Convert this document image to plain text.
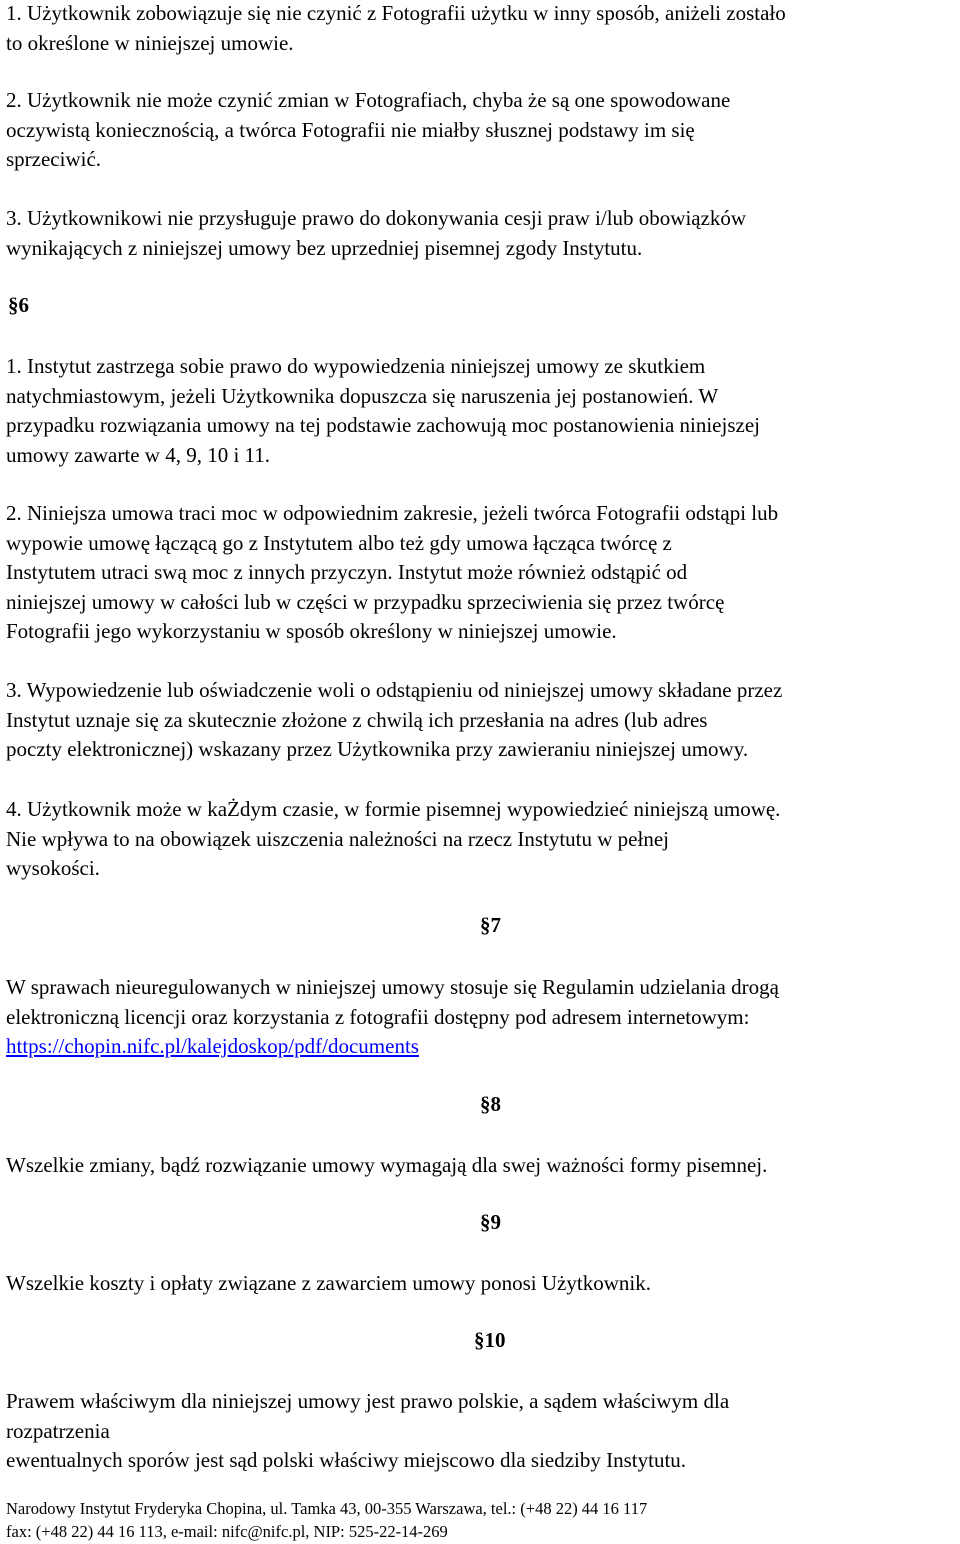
1. Użytkownik zobowiązuje się nie czynić z Fotografii użytku w inny sposób, aniżeli zostało
to określone w niniejszej umowie.

2. Użytkownik nie może czynić zmian w Fotografiach, chyba że są one spowodowane
oczywistą koniecznością, a twórca Fotografii nie miałby słusznej podstawy im się
sprzeciwić.

3. Użytkownikowi nie przysługuje prawo do dokonywania cesji praw i/lub obowiązków
wynikających z niniejszej umowy bez uprzedniej pisemnej zgody Instytutu.

§6

1. Instytut zastrzega sobie prawo do wypowiedzenia niniejszej umowy ze skutkiem
natychmiastowym, jeżeli Użytkownika dopuszcza się naruszenia jej postanowień. W
przypadku rozwiązania umowy na tej podstawie zachowują moc postanowienia niniejszej
umowy zawarte w 4, 9, 10 i 11.

2. Niniejsza umowa traci moc w odpowiednim zakresie, jeżeli twórca Fotografii odstąpi lub
wypowie umowę łączącą go z Instytutem albo też gdy umowa łącząca twórcę z
Instytutem utraci swą moc z innych przyczyn. Instytut może również odstąpić od
niniejszej umowy w całości lub w części w przypadku sprzeciwienia się przez twórcę
Fotografii jego wykorzystaniu w sposób określony w niniejszej umowie.

3. Wypowiedzenie lub oświadczenie woli o odstąpieniu od niniejszej umowy składane przez
Instytut uznaje się za skutecznie złożone z chwilą ich przesłania na adres (lub adres
poczty elektronicznej) wskazany przez Użytkownika przy zawieraniu niniejszej umowy.

4. Użytkownik może w kaŻdym czasie, w formie pisemnej wypowiedzieć niniejszą umowę.
Nie wpływa to na obowiązek uiszczenia należności na rzecz Instytutu w pełnej
wysokości.

§7

W sprawach nieuregulowanych w niniejszej umowy stosuje się Regulamin udzielania drogą
elektroniczną licencji oraz korzystania z fotografii dostępny pod adresem internetowym:
https://chopin.nifc.pl/kalejdoskop/pdf/documents

§8

Wszelkie zmiany, bądź rozwiązanie umowy wymagają dla swej ważności formy pisemnej.

§9

Wszelkie koszty i opłaty związane z zawarciem umowy ponosi Użytkownik.

§10

Prawem właściwym dla niniejszej umowy jest prawo polskie, a sądem właściwym dla
rozpatrzenia
ewentualnych sporów jest sąd polski właściwy miejscowo dla siedziby Instytutu.

Narodowy Instytut Fryderyka Chopina, ul. Tamka 43, 00-355 Warszawa, tel.: (+48 22) 44 16 117
fax: (+48 22) 44 16 113, e-mail: nifc@nifc.pl, NIP: 525-22-14-269
